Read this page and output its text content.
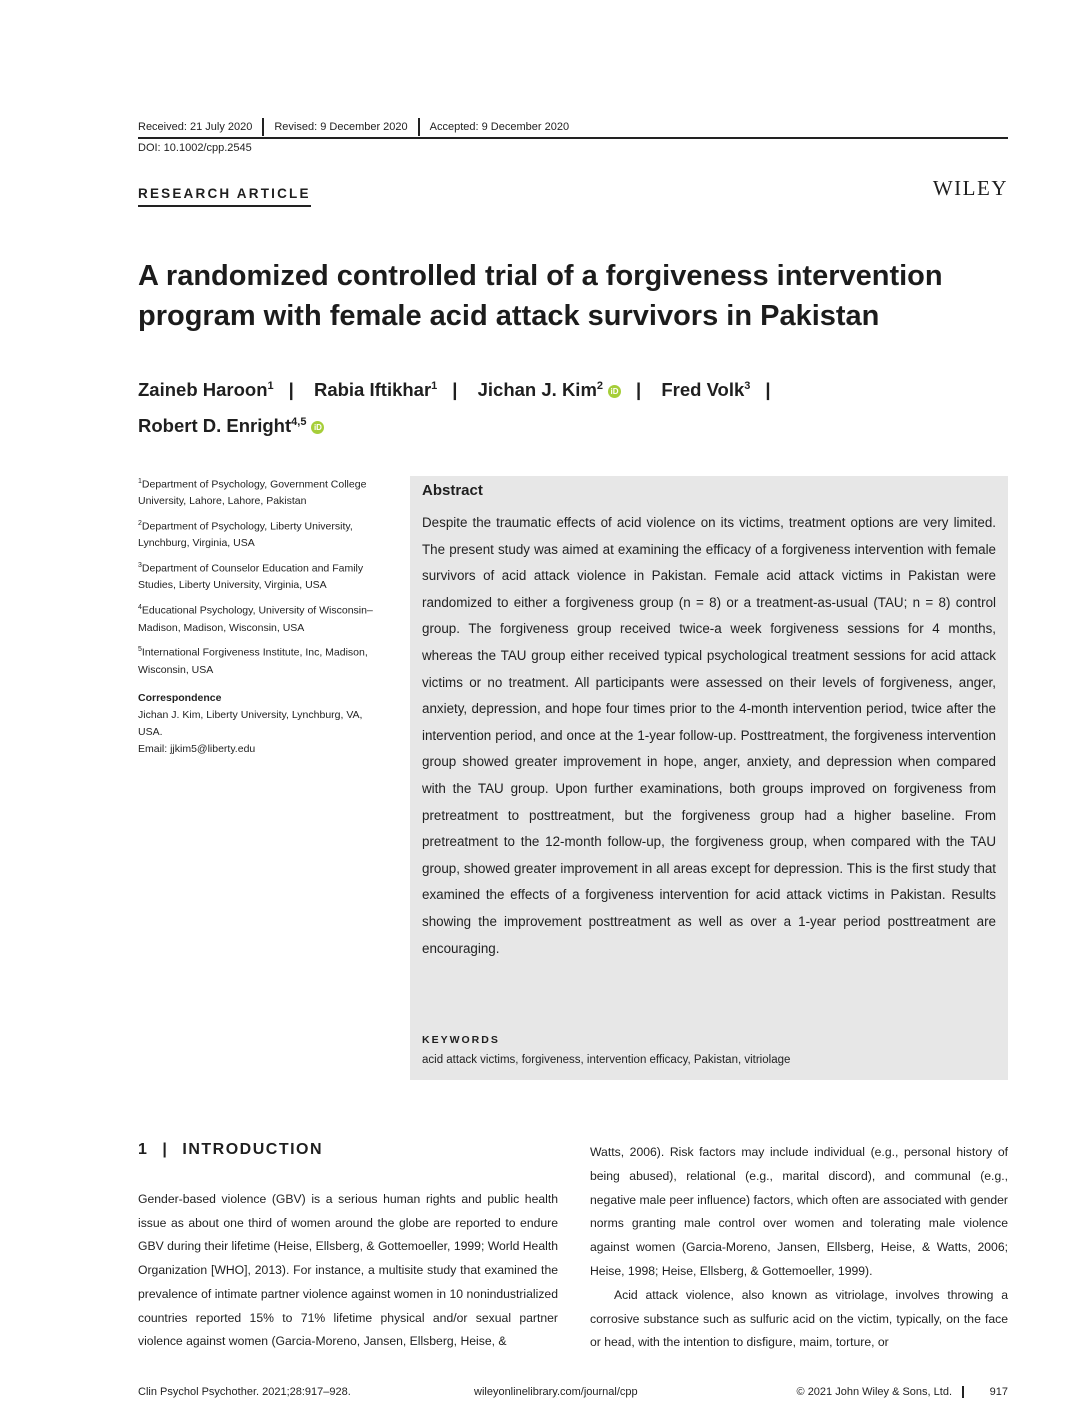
Received: 21 July 2020	Revised: 9 December 2020	Accepted: 9 December 2020
DOI: 10.1002/cpp.2545
RESEARCH ARTICLE	WILEY
A randomized controlled trial of a forgiveness intervention program with female acid attack survivors in Pakistan
Zaineb Haroon$^1$ | Rabia Iftikhar$^1$ | Jichan J. Kim$^2$ iD | Fred Volk$^3$ |
Robert D. Enright$^{4,5}$ iD
$^1$Department of Psychology, Government College University, Lahore, Lahore, Pakistan
$^2$Department of Psychology, Liberty University, Lynchburg, Virginia, USA
$^3$Department of Counselor Education and Family Studies, Liberty University, Virginia, USA
$^4$Educational Psychology, University of Wisconsin–Madison, Madison, Wisconsin, USA
$^5$International Forgiveness Institute, Inc, Madison, Wisconsin, USA
Correspondence
Jichan J. Kim, Liberty University, Lynchburg, VA, USA.
Email: jjkim5@liberty.edu
Abstract
Despite the traumatic effects of acid violence on its victims, treatment options are very limited. The present study was aimed at examining the efficacy of a forgiveness intervention with female survivors of acid attack violence in Pakistan. Female acid attack victims in Pakistan were randomized to either a forgiveness group (n = 8) or a treatment-as-usual (TAU; n = 8) control group. The forgiveness group received twice-a week forgiveness sessions for 4 months, whereas the TAU group either received typical psychological treatment sessions for acid attack victims or no treatment. All participants were assessed on their levels of forgiveness, anger, anxiety, depression, and hope four times prior to the 4-month intervention period, twice after the intervention period, and once at the 1-year follow-up. Posttreatment, the forgiveness intervention group showed greater improvement in hope, anger, anxiety, and depression when compared with the TAU group. Upon further examinations, both groups improved on forgiveness from pretreatment to posttreatment, but the forgiveness group had a higher baseline. From pretreatment to the 12-month follow-up, the forgiveness group, when compared with the TAU group, showed greater improvement in all areas except for depression. This is the first study that examined the effects of a forgiveness intervention for acid attack victims in Pakistan. Results showing the improvement posttreatment as well as over a 1-year period posttreatment are encouraging.
KEYWORDS
acid attack victims, forgiveness, intervention efficacy, Pakistan, vitriolage
1 | INTRODUCTION

Gender-based violence (GBV) is a serious human rights and public health issue as about one third of women around the globe are reported to endure GBV during their lifetime (Heise, Ellsberg, & Gottemoeller, 1999; World Health Organization [WHO], 2013). For instance, a multisite study that examined the prevalence of intimate partner violence against women in 10 nonindustrialized countries reported 15% to 71% lifetime physical and/or sexual partner violence against women (Garcia-Moreno, Jansen, Ellsberg, Heise, &

Watts, 2006). Risk factors may include individual (e.g., personal history of being abused), relational (e.g., marital discord), and communal (e.g., negative male peer influence) factors, which often are associated with gender norms granting male control over women and tolerating male violence against women (Garcia-Moreno, Jansen, Ellsberg, Heise, & Watts, 2006; Heise, 1998; Heise, Ellsberg, & Gottemoeller, 1999).

Acid attack violence, also known as vitriolage, involves throwing a corrosive substance such as sulfuric acid on the victim, typically, on the face or head, with the intention to disfigure, maim, torture, or

Clin Psychol Psychother. 2021;28:917–928.	wileyonlinelibrary.com/journal/cpp	© 2021 John Wiley & Sons, Ltd.	917
